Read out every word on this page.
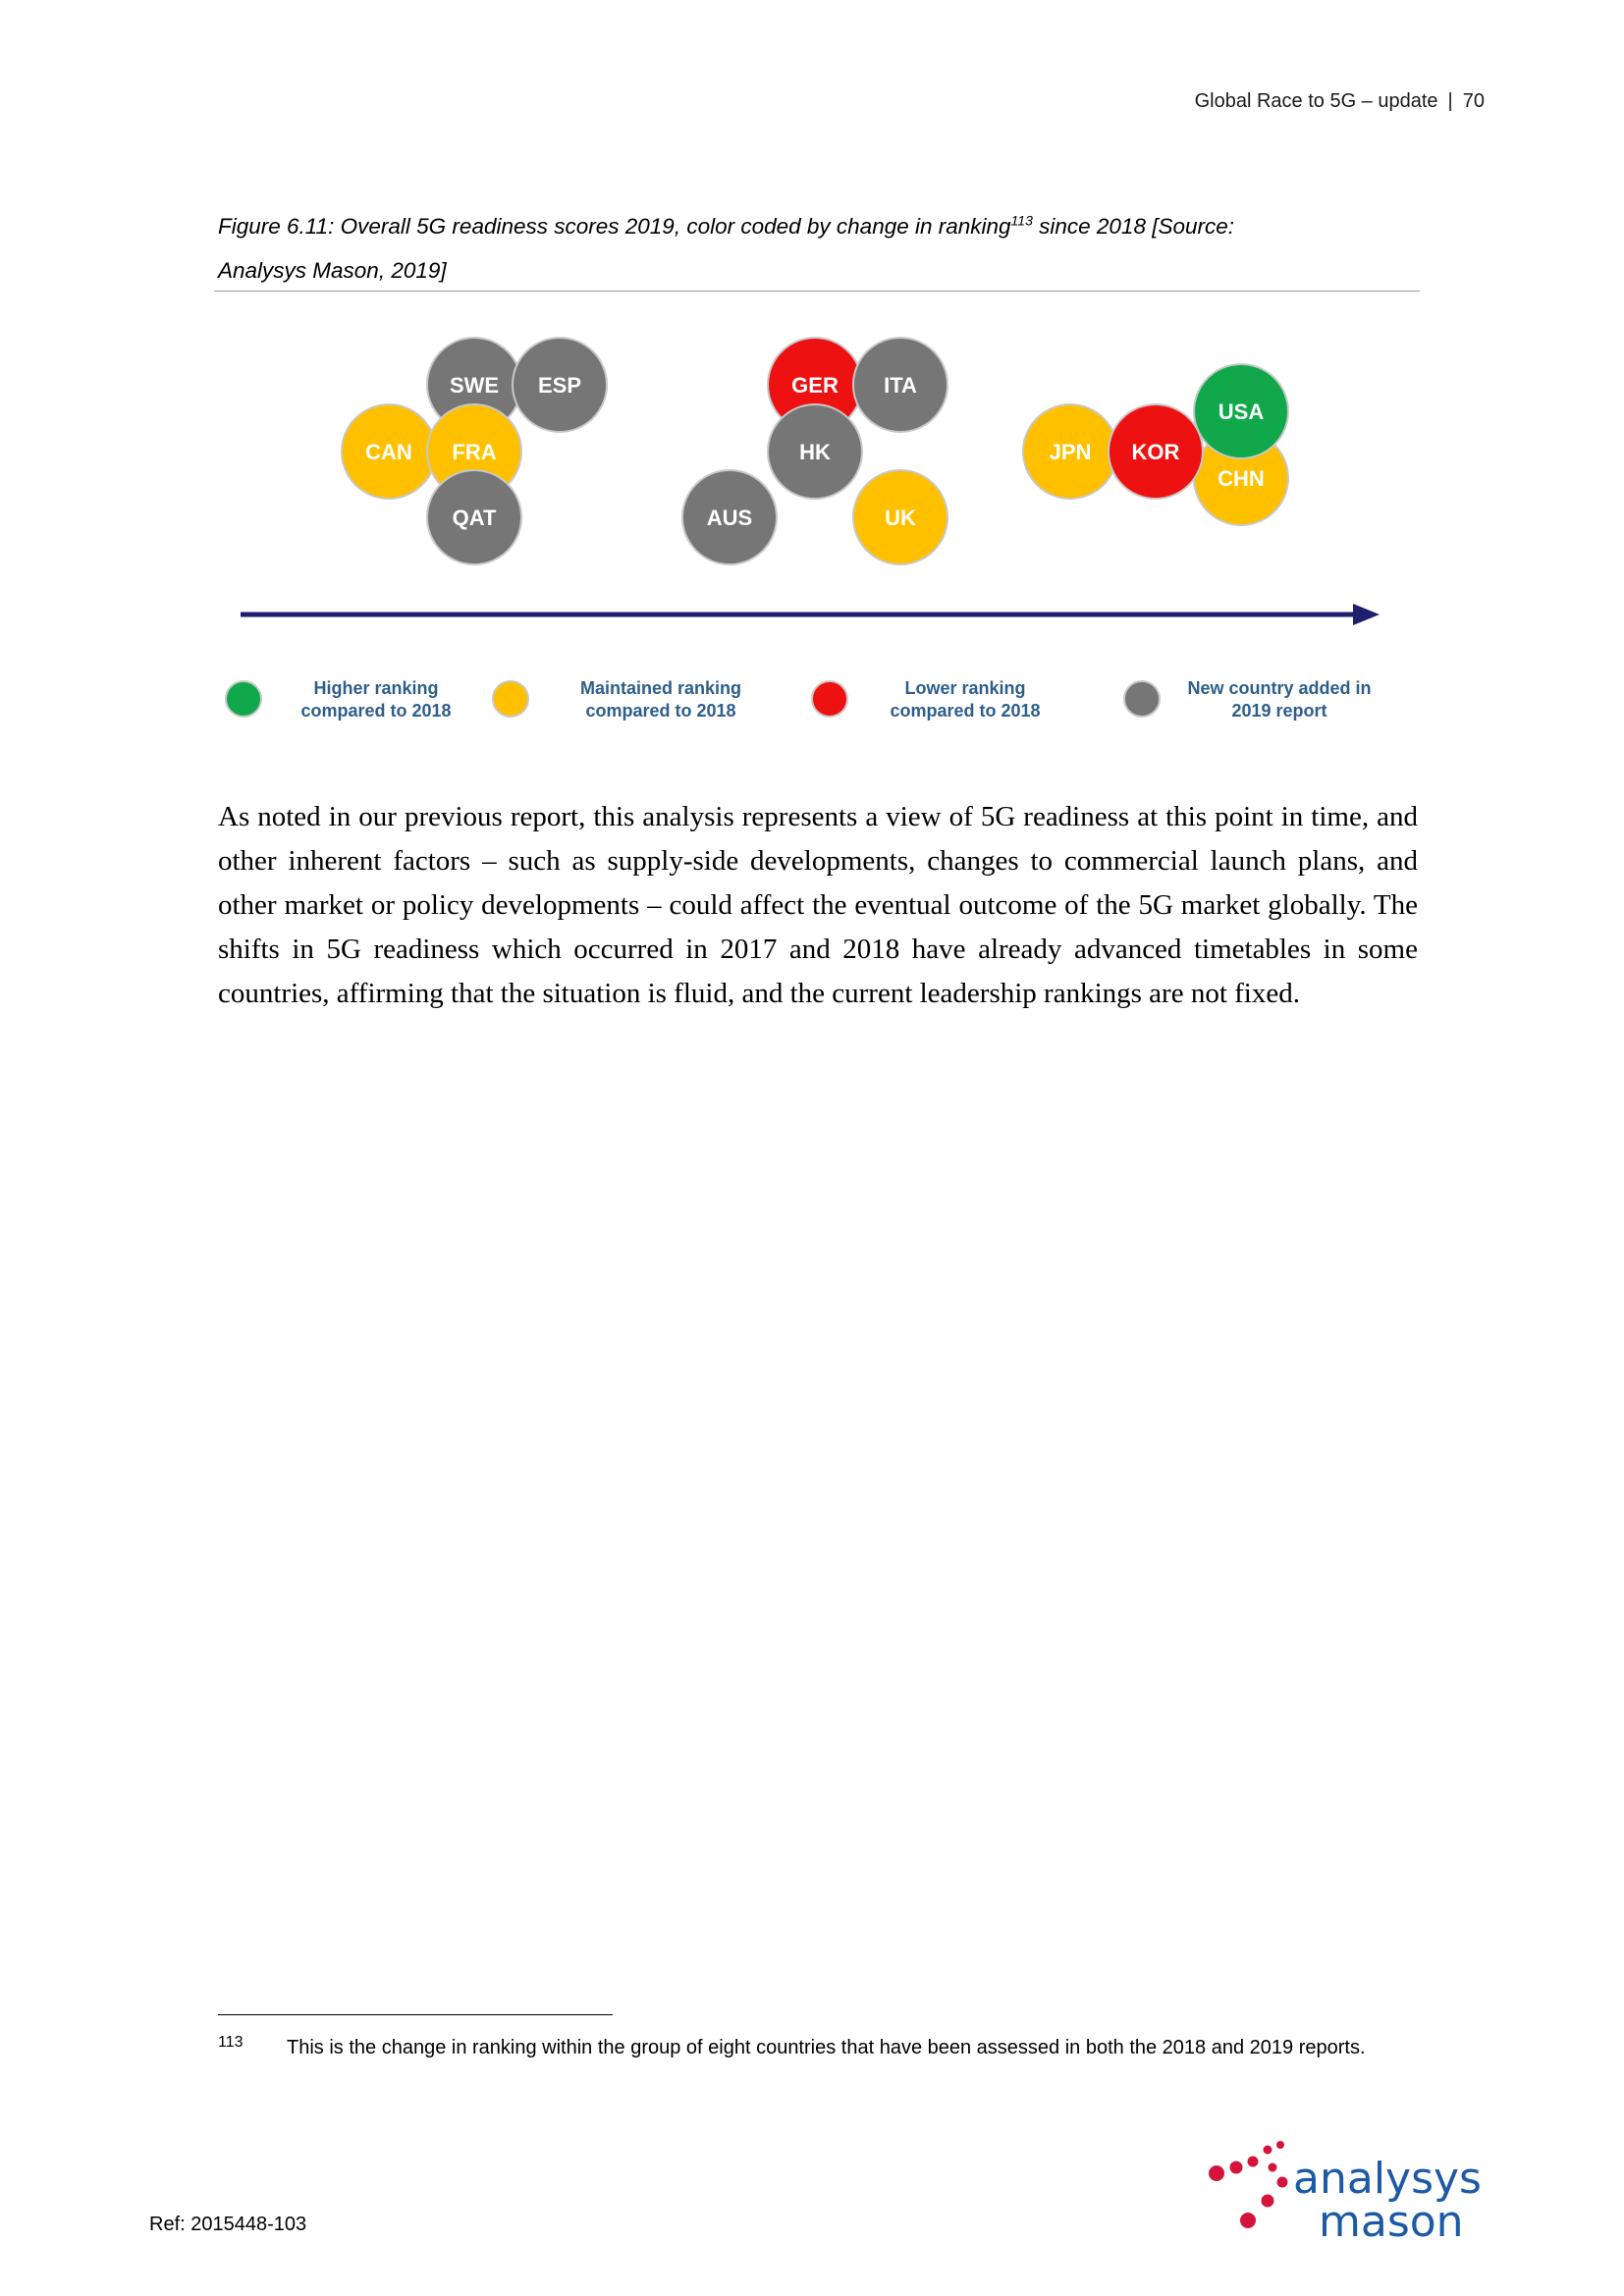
Global Race to 5G – update | 70
Figure 6.11: Overall 5G readiness scores 2019, color coded by change in ranking$^{113}$ since 2018 [Source:
Analysys Mason, 2019]
CAN
SWE ESP
FRA
QAT
GER ITA
HK
AUS	UK
JPN
CHN
USA
KOR
Higher ranking
compared to 2018
Maintained ranking
compared to 2018
Lower ranking
compared to 2018
New country added in
2019 report
As noted in our previous report, this analysis represents a view of 5G readiness at this point in time, and other inherent factors – such as supply-side developments, changes to commercial launch plans, and other market or policy developments – could affect the eventual outcome of the 5G market globally. The shifts in 5G readiness which occurred in 2017 and 2018 have already advanced timetables in some countries, affirming that the situation is fluid, and the current leadership rankings are not fixed.
113 This is the change in ranking within the group of eight countries that have been assessed in both the 2018 and 2019 reports.
Ref: 2015448-103
analysys
mason
